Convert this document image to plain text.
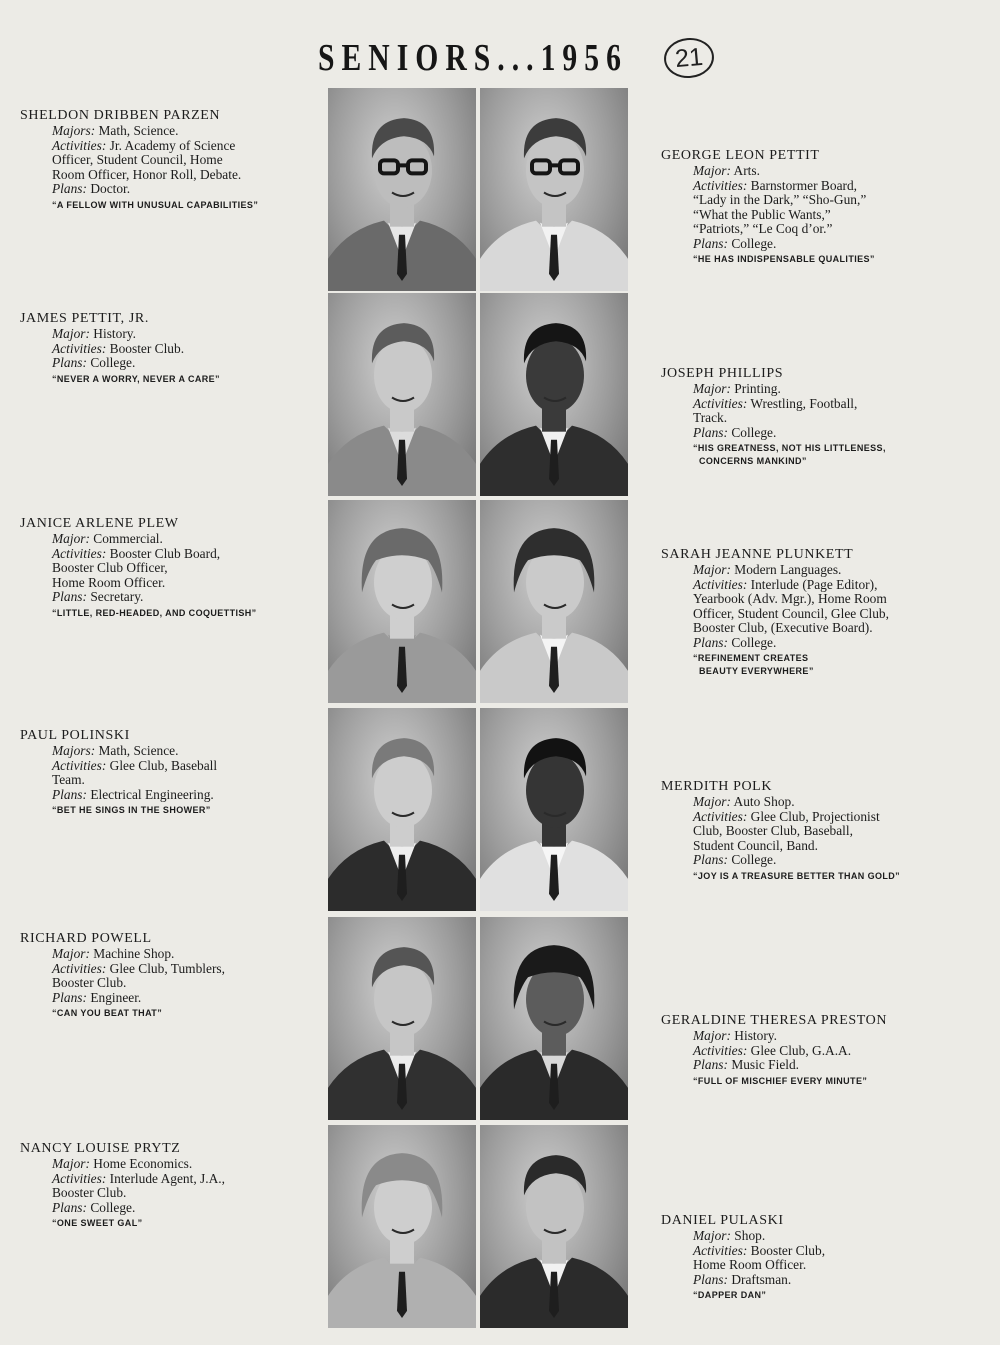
SENIORS...1956	21
SHELDON DRIBBEN PARZEN
Majors: Math, Science.
Activities: Jr. Academy of Science
Officer, Student Council, Home
Room Officer, Honor Roll, Debate.
Plans: Doctor.
“A FELLOW WITH UNUSUAL CAPABILITIES”
GEORGE LEON PETTIT
Major: Arts.
Activities: Barnstormer Board,
“Lady in the Dark,” “Sho-Gun,”
“What the Public Wants,”
“Patriots,” “Le Coq d’or.”
Plans: College.
“HE HAS INDISPENSABLE QUALITIES”
JAMES PETTIT, JR.
Major: History.
Activities: Booster Club.
Plans: College.
“NEVER A WORRY, NEVER A CARE”	JOSEPH PHILLIPS
Major: Printing.
Activities: Wrestling, Football,
Track.
Plans: College.
“HIS GREATNESS, NOT HIS LITTLENESS,
CONCERNS MANKIND”
JANICE ARLENE PLEW
Major: Commercial.
Activities: Booster Club Board,
Booster Club Officer,
Home Room Officer.
Plans: Secretary.
“LITTLE, RED-HEADED, AND COQUETTISH”
SARAH JEANNE PLUNKETT
Major: Modern Languages.
Activities: Interlude (Page Editor),
Yearbook (Adv. Mgr.), Home Room
Officer, Student Council, Glee Club,
Booster Club, (Executive Board).
Plans: College.
“REFINEMENT CREATES
BEAUTY EVERYWHERE”
PAUL POLINSKI
Majors: Math, Science.
Activities: Glee Club, Baseball
Team.
Plans: Electrical Engineering.
“BET HE SINGS IN THE SHOWER”
MERDITH POLK
Major: Auto Shop.
Activities: Glee Club, Projectionist
Club, Booster Club, Baseball,
Student Council, Band.
Plans: College.
“JOY IS A TREASURE BETTER THAN GOLD”
RICHARD POWELL
Major: Machine Shop.
Activities: Glee Club, Tumblers,
Booster Club.
Plans: Engineer.
“CAN YOU BEAT THAT”	GERALDINE THERESA PRESTON
Major: History.
Activities: Glee Club, G.A.A.
Plans: Music Field.
“FULL OF MISCHIEF EVERY MINUTE”
NANCY LOUISE PRYTZ
Major: Home Economics.
Activities: Interlude Agent, J.A.,
Booster Club.
Plans: College.
“ONE SWEET GAL”	DANIEL PULASKI
Major: Shop.
Activities: Booster Club,
Home Room Officer.
Plans: Draftsman.
“DAPPER DAN”
